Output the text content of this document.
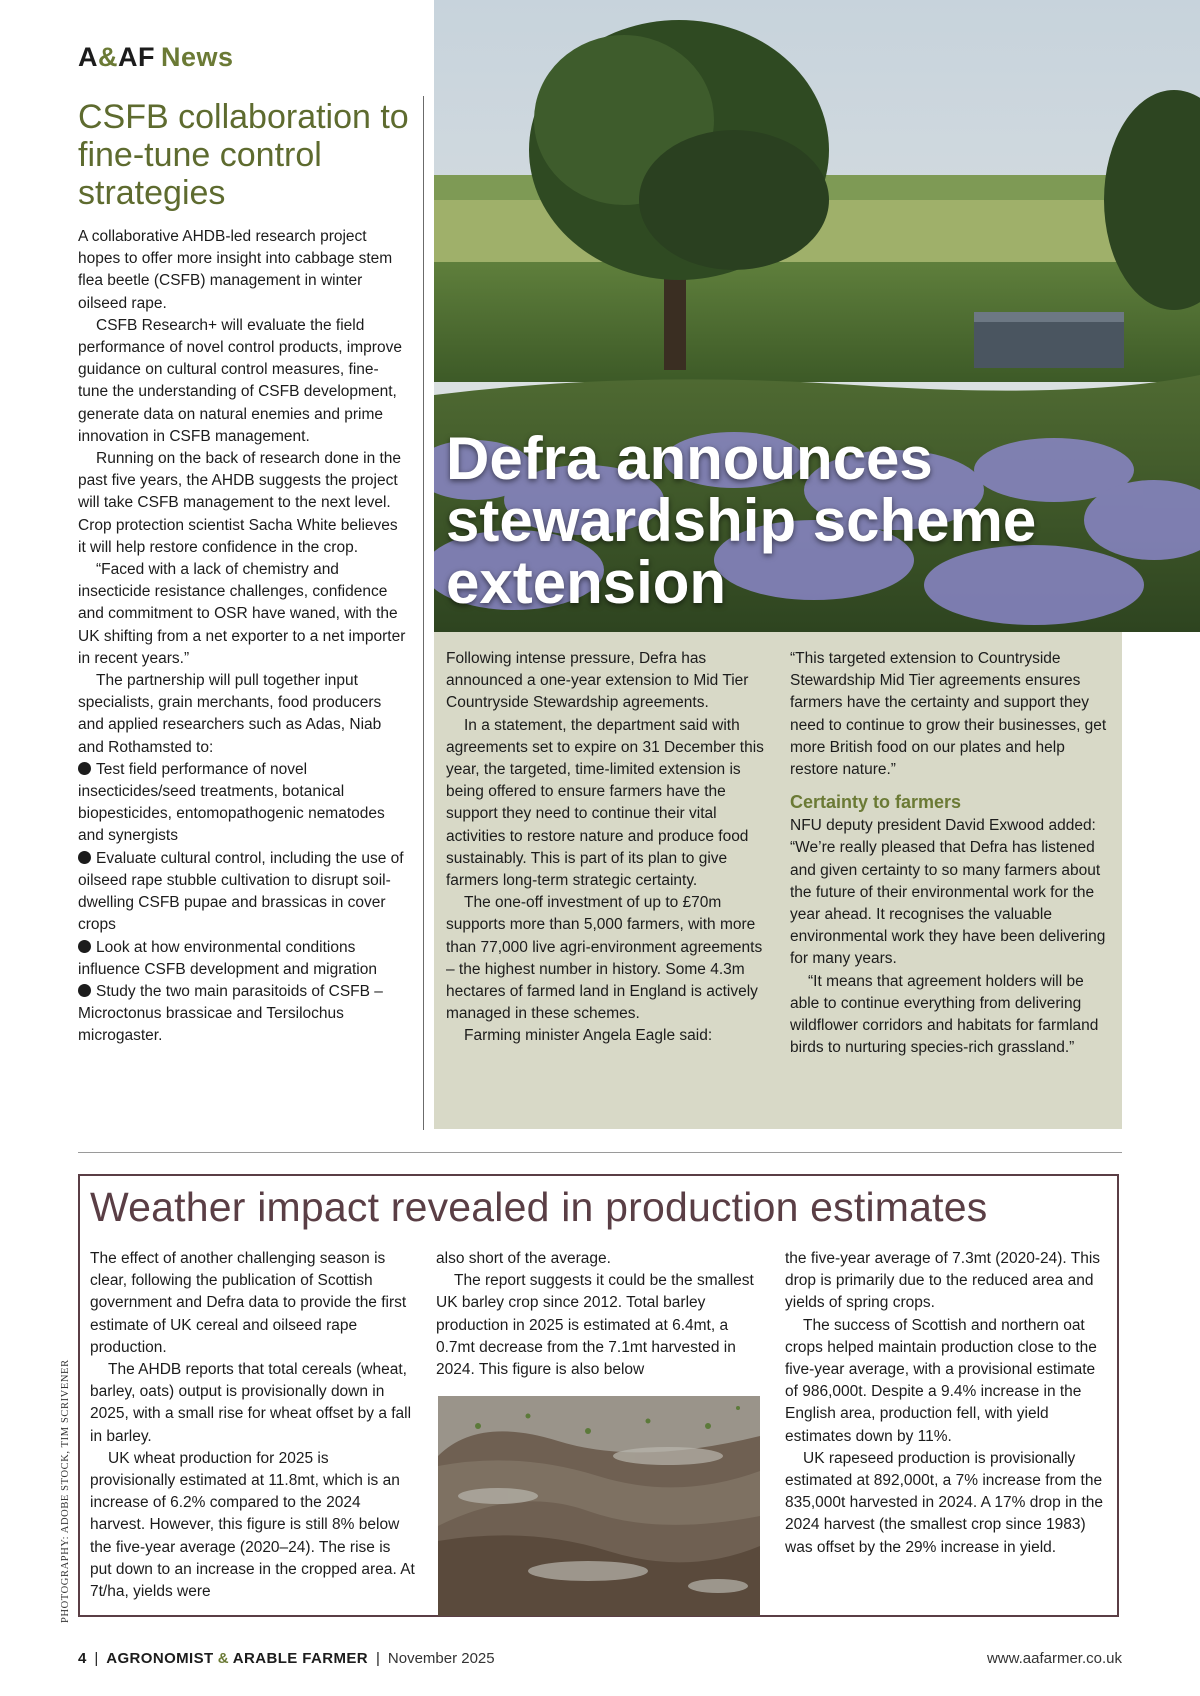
A&AF News
CSFB collaboration to fine-tune control strategies

A collaborative AHDB-led research project hopes to offer more insight into cabbage stem flea beetle (CSFB) management in winter oilseed rape.

CSFB Research+ will evaluate the field performance of novel control products, improve guidance on cultural control measures, fine-tune the understanding of CSFB development, generate data on natural enemies and prime innovation in CSFB management.

Running on the back of research done in the past five years, the AHDB suggests the project will take CSFB management to the next level. Crop protection scientist Sacha White believes it will help restore confidence in the crop.

“Faced with a lack of chemistry and insecticide resistance challenges, confidence and commitment to OSR have waned, with the UK shifting from a net exporter to a net importer in recent years.”

The partnership will pull together input specialists, grain merchants, food producers and applied researchers such as Adas, Niab and Rothamsted to:

Test field performance of novel insecticides/seed treatments, botanical biopesticides, entomopathogenic nematodes and synergists

Evaluate cultural control, including the use of oilseed rape stubble cultivation to disrupt soil-dwelling CSFB pupae and brassicas in cover crops

Look at how environmental conditions influence CSFB development and migration

Study the two main parasitoids of CSFB – Microctonus brassicae and Tersilochus microgaster.

Defra announces stewardship scheme extension

Following intense pressure, Defra has announced a one-year extension to Mid Tier Countryside Stewardship agreements.

In a statement, the department said with agreements set to expire on 31 December this year, the targeted, time-limited extension is being offered to ensure farmers have the support they need to continue their vital activities to restore nature and produce food sustainably. This is part of its plan to give farmers long-term strategic certainty.

The one-off investment of up to £70m supports more than 5,000 farmers, with more than 77,000 live agri-environment agreements – the highest number in history. Some 4.3m hectares of farmed land in England is actively managed in these schemes.

Farming minister Angela Eagle said:

“This targeted extension to Countryside Stewardship Mid Tier agreements ensures farmers have the certainty and support they need to continue to grow their businesses, get more British food on our plates and help restore nature.”

Certainty to farmers

NFU deputy president David Exwood added: “We’re really pleased that Defra has listened and given certainty to so many farmers about the future of their environmental work for the year ahead. It recognises the valuable environmental work they have been delivering for many years.

“It means that agreement holders will be able to continue everything from delivering wildflower corridors and habitats for farmland birds to nurturing species-rich grassland.”

Weather impact revealed in production estimates

The effect of another challenging season is clear, following the publication of Scottish government and Defra data to provide the first estimate of UK cereal and oilseed rape production.

The AHDB reports that total cereals (wheat, barley, oats) output is provisionally down in 2025, with a small rise for wheat offset by a fall in barley.

UK wheat production for 2025 is provisionally estimated at 11.8mt, which is an increase of 6.2% compared to the 2024 harvest. However, this figure is still 8% below the five-year average (2020–24). The rise is put down to an increase in the cropped area. At 7t/ha, yields were

also short of the average.

The report suggests it could be the smallest UK barley crop since 2012. Total barley production in 2025 is estimated at 6.4mt, a 0.7mt decrease from the 7.1mt harvested in 2024. This figure is also below

the five-year average of 7.3mt (2020-24). This drop is primarily due to the reduced area and yields of spring crops.

The success of Scottish and northern oat crops helped maintain production close to the five-year average, with a provisional estimate of 986,000t. Despite a 9.4% increase in the English area, production fell, with yield estimates down by 11%.

UK rapeseed production is provisionally estimated at 892,000t, a 7% increase from the 835,000t harvested in 2024. A 17% drop in the 2024 harvest (the smallest crop since 1983) was offset by the 29% increase in yield.

PHOTOGRAPHY: ADOBE STOCK, TIM SCRIVENER
4 | AGRONOMIST & ARABLE FARMER | November 2025	www.aafarmer.co.uk
